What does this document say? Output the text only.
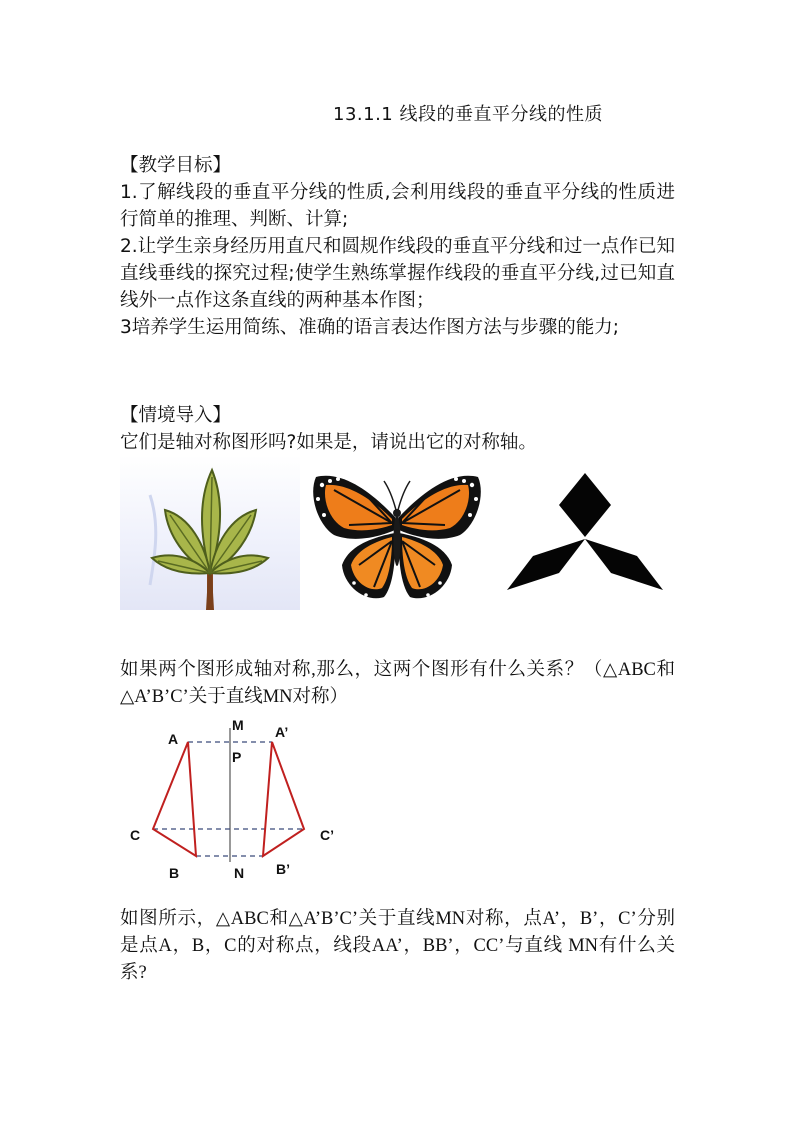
13.1.1 线段的垂直平分线的性质

【教学目标】

1.了解线段的垂直平分线的性质,会利用线段的垂直平分线的性质进行简单的推理、判断、计算;

2.让学生亲身经历用直尺和圆规作线段的垂直平分线和过一点作已知直线垂线的探究过程;使学生熟练掌握作线段的垂直平分线,过已知直线外一点作这条直线的两种基本作图；

3培养学生运用简练、准确的语言表达作图方法与步骤的能力;

【情境导入】

它们是轴对称图形吗?如果是，请说出它的对称轴。

如果两个图形成轴对称,那么，这两个图形有什么关系？（△ABC和△A’B’C’关于直线MN对称）

A	A’
M
P
C	C’
B	N B’

如图所示，△ABC和△A’B’C’关于直线MN对称，点A’，B’，C’分别是点A，B，C的对称点，线段AA’，BB’，CC’与直线 MN有什么关系?
